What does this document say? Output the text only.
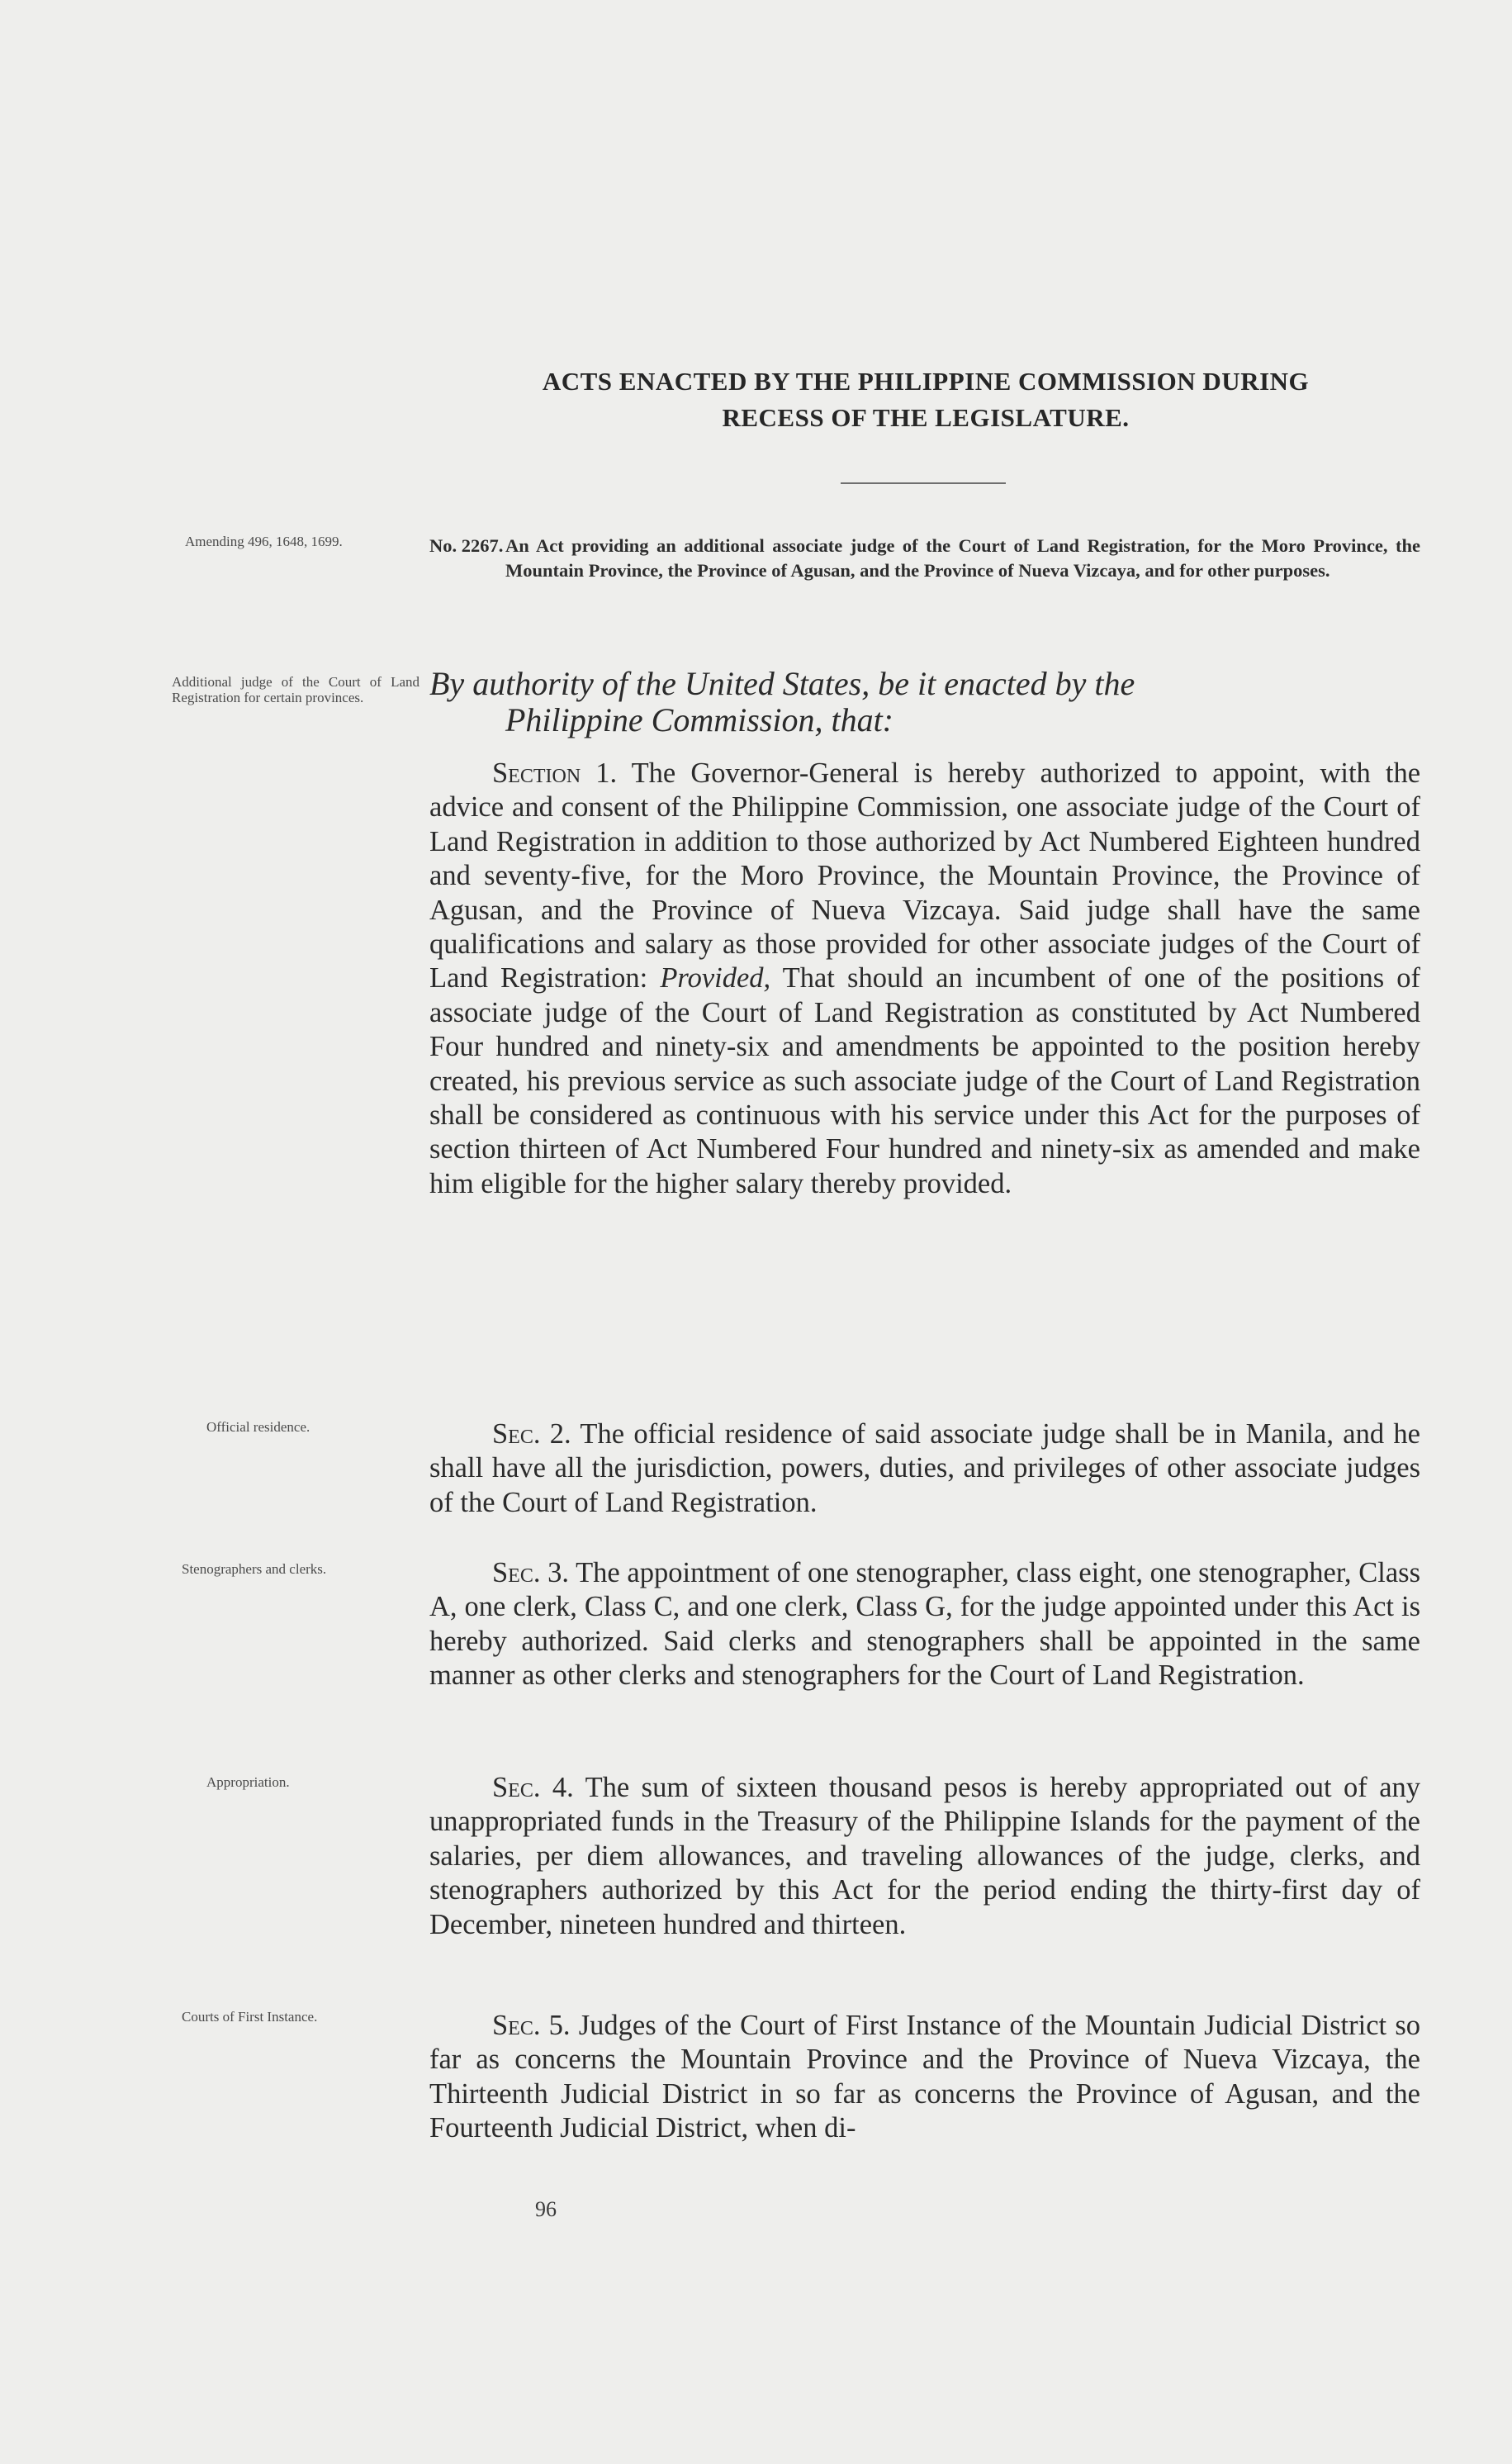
ACTS ENACTED BY THE PHILIPPINE COMMISSION DURING
RECESS OF THE LEGISLATURE.
Amending 496, 1648, 1699.
Additional judge of the Court of Land Registration for certain provinces.
Official residence.
Stenographers and clerks.
Appropriation.
Courts of First Instance.
No. 2267. An Act providing an additional associate judge of the Court of Land Registration, for the Moro Province, the Mountain Province, the Province of Agusan, and the Province of Nueva Vizcaya, and for other purposes.
By authority of the United States, be it enacted by the
Philippine Commission, that:

Section 1. The Governor-General is hereby authorized to appoint, with the advice and consent of the Philippine Commission, one associate judge of the Court of Land Registration in addition to those authorized by Act Numbered Eighteen hundred and seventy-five, for the Moro Province, the Mountain Province, the Province of Agusan, and the Province of Nueva Vizcaya. Said judge shall have the same qualifications and salary as those provided for other associate judges of the Court of Land Registration: Provided, That should an incumbent of one of the positions of associate judge of the Court of Land Registration as constituted by Act Numbered Four hundred and ninety-six and amendments be appointed to the position hereby created, his previous service as such associate judge of the Court of Land Registration shall be considered as continuous with his service under this Act for the purposes of section thirteen of Act Numbered Four hundred and ninety-six as amended and make him eligible for the higher salary thereby provided.

Sec. 2. The official residence of said associate judge shall be in Manila, and he shall have all the jurisdiction, powers, duties, and privileges of other associate judges of the Court of Land Registration.

Sec. 3. The appointment of one stenographer, class eight, one stenographer, Class A, one clerk, Class C, and one clerk, Class G, for the judge appointed under this Act is hereby authorized. Said clerks and stenographers shall be appointed in the same manner as other clerks and stenographers for the Court of Land Registration.

Sec. 4. The sum of sixteen thousand pesos is hereby appropriated out of any unappropriated funds in the Treasury of the Philippine Islands for the payment of the salaries, per diem allowances, and traveling allowances of the judge, clerks, and stenographers authorized by this Act for the period ending the thirty-first day of December, nineteen hundred and thirteen.

Sec. 5. Judges of the Court of First Instance of the Mountain Judicial District so far as concerns the Mountain Province and the Province of Nueva Vizcaya, the Thirteenth Judicial District in so far as concerns the Province of Agusan, and the Fourteenth Judicial District, when di-

96
